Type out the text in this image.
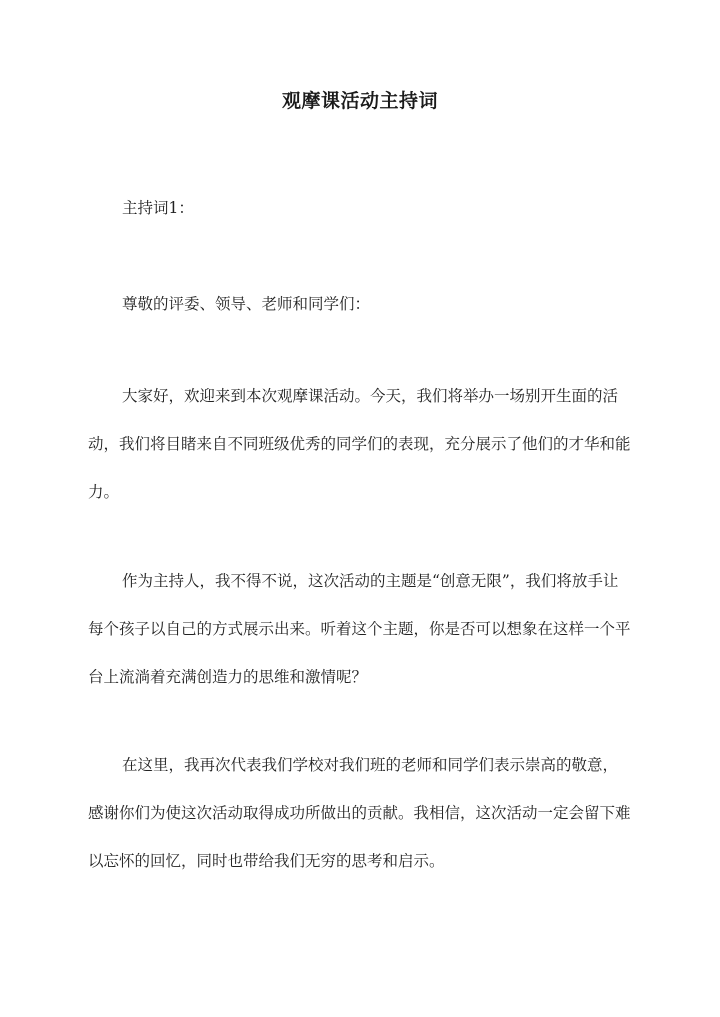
观摩课活动主持词

主持词1：

尊敬的评委、领导、老师和同学们：

大家好，欢迎来到本次观摩课活动。今天，我们将举办一场别开生面的活动，我们将目睹来自不同班级优秀的同学们的表现，充分展示了他们的才华和能力。

作为主持人，我不得不说，这次活动的主题是“创意无限”，我们将放手让每个孩子以自己的方式展示出来。听着这个主题，你是否可以想象在这样一个平台上流淌着充满创造力的思维和激情呢？

在这里，我再次代表我们学校对我们班的老师和同学们表示崇高的敬意，感谢你们为使这次活动取得成功所做出的贡献。我相信，这次活动一定会留下难以忘怀的回忆，同时也带给我们无穷的思考和启示。
